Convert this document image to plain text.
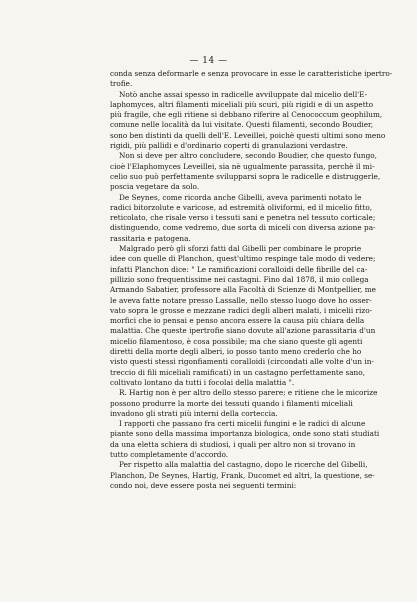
— 14 —
conda senza deformarle e senza provocare in esse le caratteristiche ipertro-
trofie.
Notò anche assai spesso in radicelle avviluppate dal micelio dell'E-
laphomyces, altri filamenti miceliali più scuri, più rigidi e di un aspetto
più fragile, che egli ritiene si debbano riferire al Cenococcum geophilum,
comune nelle località da lui visitate. Questi filamenti, secondo Boudier,
sono ben distinti da quelli dell'E. Leveillei, poichè questi ultimi sono meno
rigidi, più pallidi e d'ordinario coperti di granulazioni verdastre.
Non si deve per altro concludere, secondo Boudier, che questo fungo,
cioè l'Elaphomyces Leveillei, sia nè ugualmente parassita, perchè il mi-
celio suo può perfettamente svilupparsi sopra le radicelle e distruggerle,
poscia vegetare da solo.
De Seynes, come ricorda anche Gibelli, aveva parimenti notato le
radici bitorzolute e varicose, ad estremità oliviformi, ed il micelio fitto,
reticolato, che risale verso i tessuti sani e penetra nel tessuto corticale;
distinguendo, come vedremo, due sorta di miceli con diversa azione pa-
rassitaria e patogena.
Malgrado però gli sforzi fatti dal Gibelli per combinare le proprie
idee con quelle di Planchon, quest'ultimo respinge tale modo di vedere;
infatti Planchon dice: " Le ramificazioni coralloidi delle fibrille del ca-
pillizio sono frequentissime nei castagni. Fino dal 1878, il mio collega
Armando Sabatier, professore alla Facoltà di Scienze di Montpellier, me
le aveva fatte notare presso Lassalle, nello stesso luogo dove ho osser-
vato sopra le grosse e mezzane radici degli alberi malati, i micelii rizo-
morfici che io pensai e penso ancora essere la causa più chiara della
malattia. Che queste ipertrofie siano dovute all'azione parassitaria d'un
micelio filamentoso, è cosa possibile; ma che siano queste gli agenti
diretti della morte degli alberi, io posso tanto meno crederlo che ho
visto questi stessi rigonfiamenti coralloidi (circondati alle volte d'un in-
treccio di fili miceliali ramificati) in un castagno perfettamente sano,
coltivato lontano da tutti i focolai della malattia ".
R. Hartig non è per altro dello stesso parere; e ritiene che le micorize
possono produrre la morte dei tessuti quando i filamenti miceliali
invadono gli strati più interni della corteccia.
I rapporti che passano fra certi micelii fungini e le radici di alcune
piante sono della massima importanza biologica, onde sono stati studiati
da una eletta schiera di studiosi, i quali per altro non si trovano in
tutto completamente d'accordo.
Per rispetto alla malattia del castagno, dopo le ricerche del Gibelli,
Planchon, De Seynes, Hartig, Frank, Ducomet ed altri, la questione, se-
condo noi, deve essere posta nei seguenti termini:
